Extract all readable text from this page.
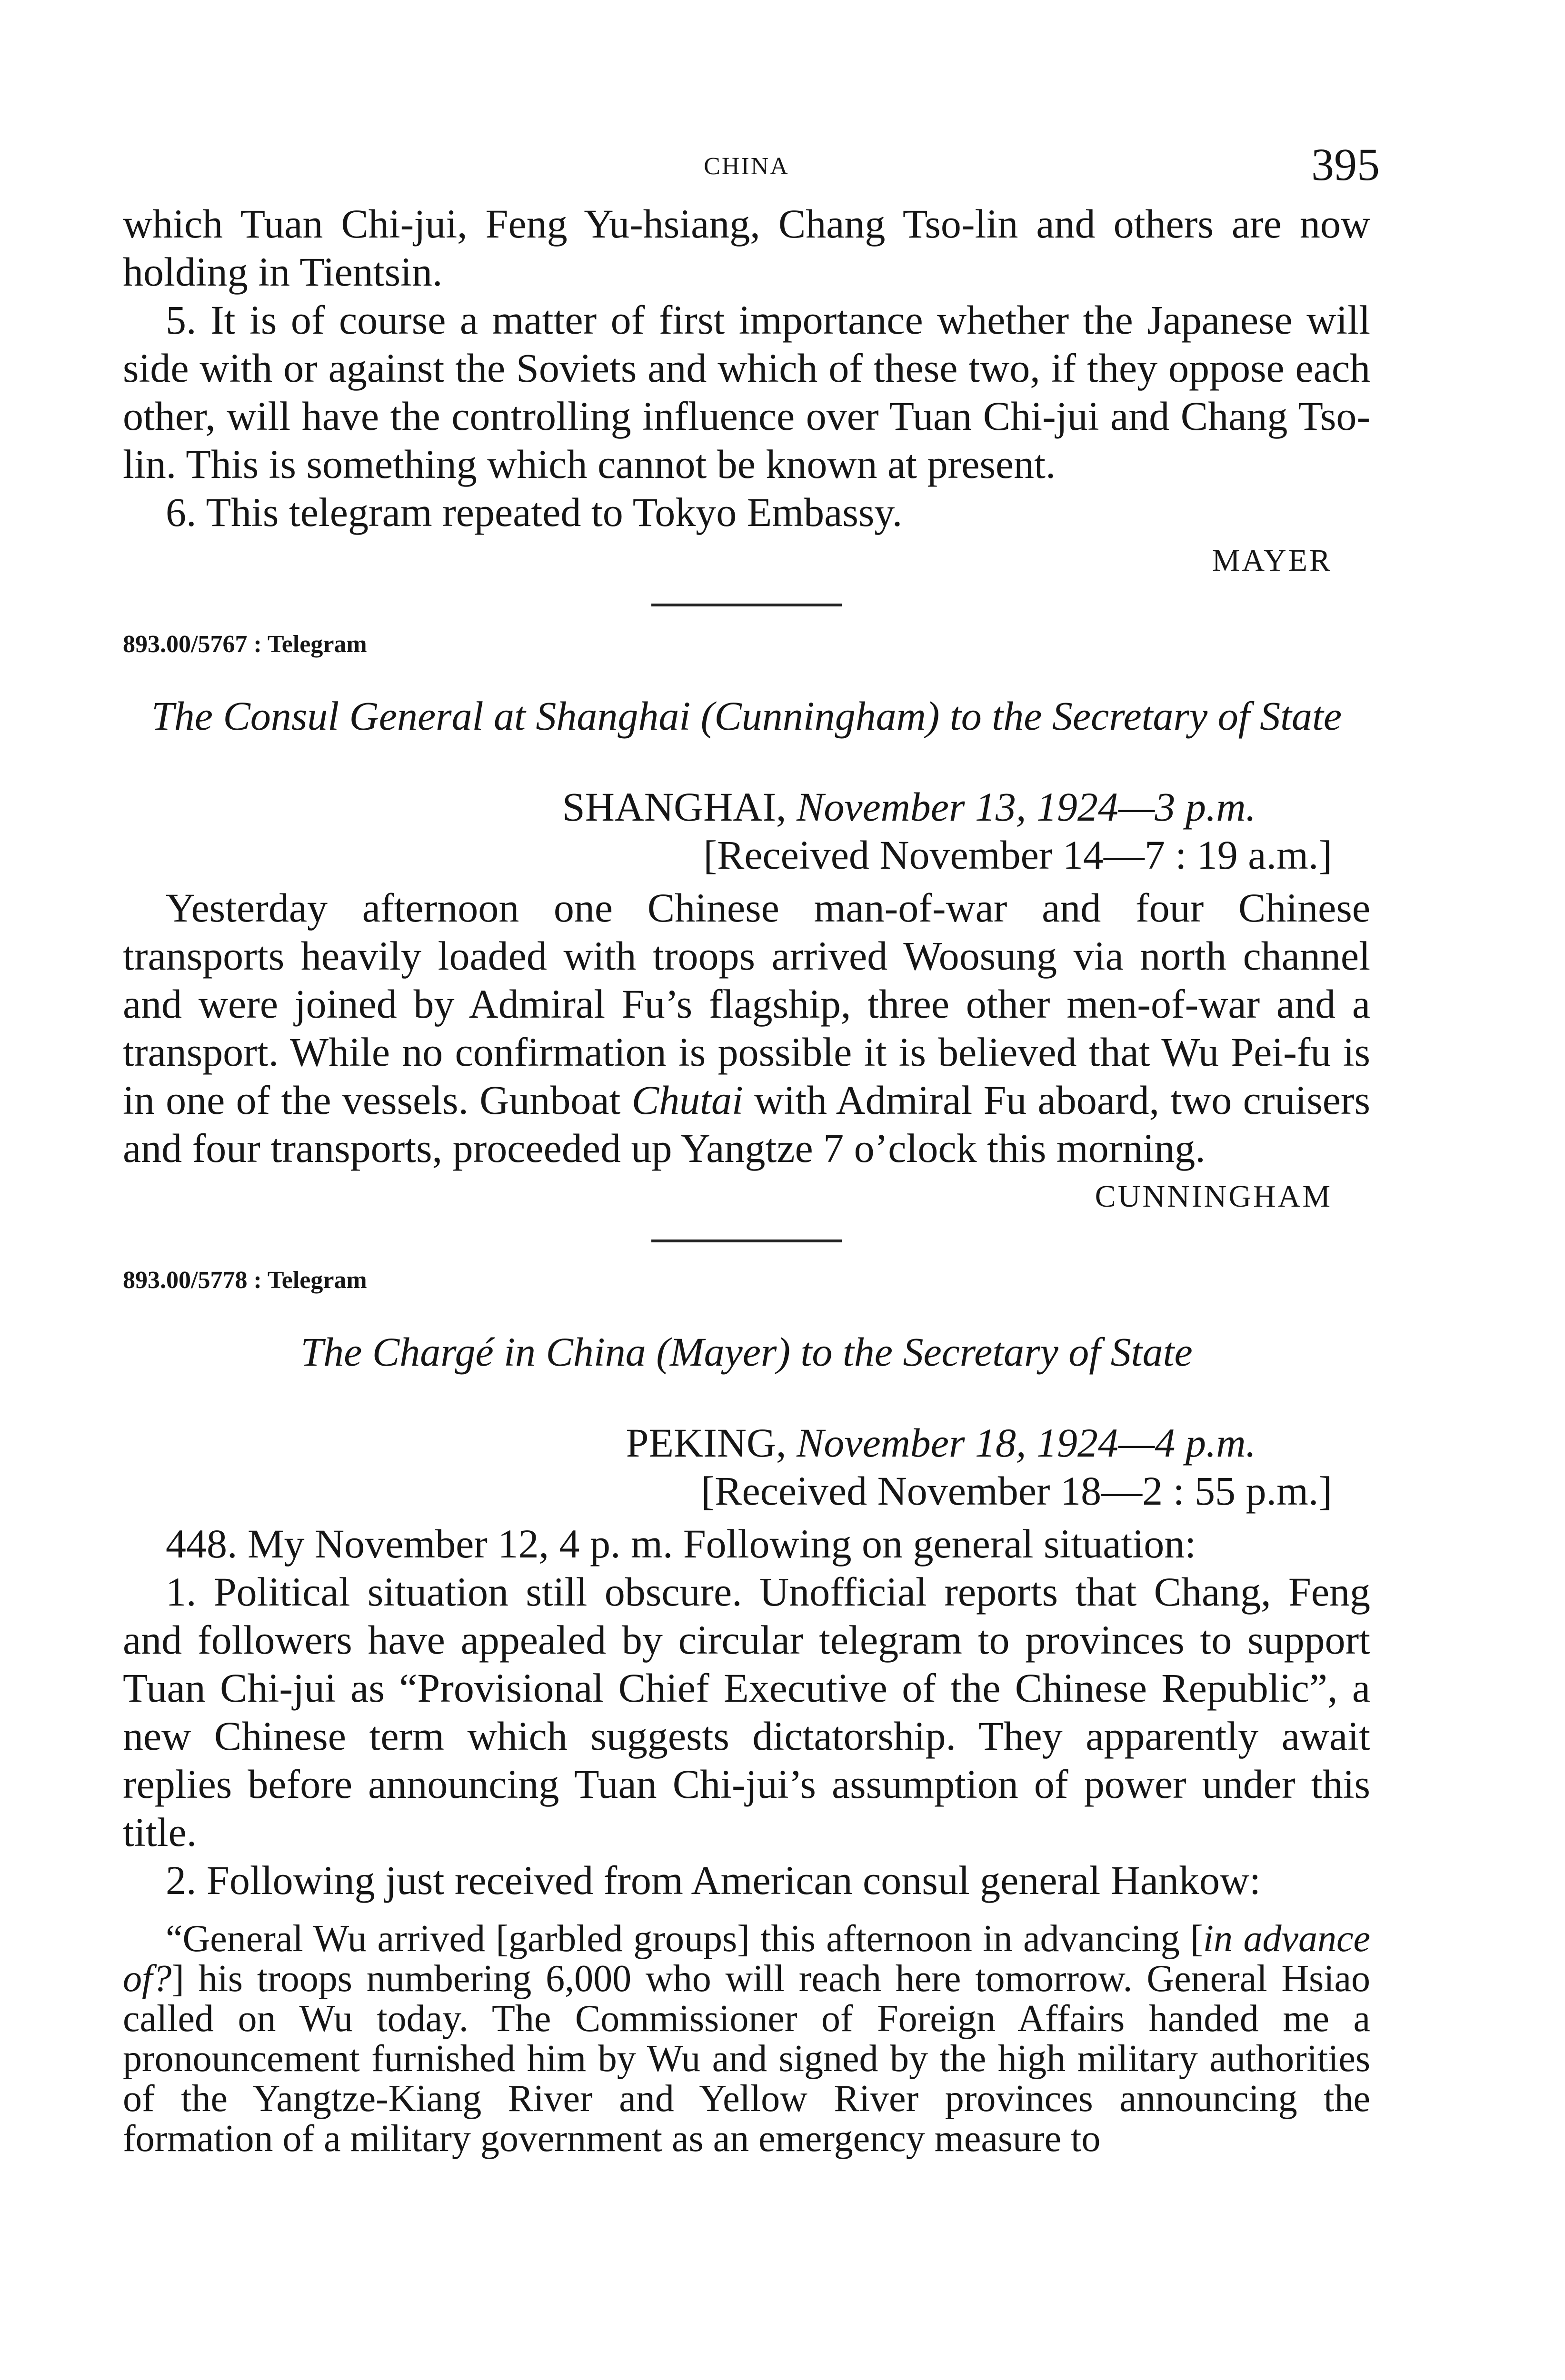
CHINA	395

which Tuan Chi-jui, Feng Yu-hsiang, Chang Tso-lin and others are now holding in Tientsin.

5. It is of course a matter of first importance whether the Japanese will side with or against the Soviets and which of these two, if they oppose each other, will have the controlling influence over Tuan Chi-jui and Chang Tso-lin. This is something which cannot be known at present.

6. This telegram repeated to Tokyo Embassy.

MAYER
893.00/5767 : Telegram
The Consul General at Shanghai (Cunningham) to the Secretary of State
SHANGHAI, November 13, 1924—3 p.m.
[Received November 14—7 : 19 a.m.]

Yesterday afternoon one Chinese man-of-war and four Chinese transports heavily loaded with troops arrived Woosung via north channel and were joined by Admiral Fu’s flagship, three other men-of-war and a transport. While no confirmation is possible it is believed that Wu Pei-fu is in one of the vessels. Gunboat Chutai with Admiral Fu aboard, two cruisers and four transports, proceeded up Yangtze 7 o’clock this morning.

CUNNINGHAM
893.00/5778 : Telegram
The Chargé in China (Mayer) to the Secretary of State
PEKING, November 18, 1924—4 p.m.
[Received November 18—2 : 55 p.m.]

448. My November 12, 4 p. m. Following on general situation:

1. Political situation still obscure. Unofficial reports that Chang, Feng and followers have appealed by circular telegram to provinces to support Tuan Chi-jui as “Provisional Chief Executive of the Chinese Republic”, a new Chinese term which suggests dictatorship. They apparently await replies before announcing Tuan Chi-jui’s assumption of power under this title.

2. Following just received from American consul general Hankow:

“General Wu arrived [garbled groups] this afternoon in advancing [in advance of?] his troops numbering 6,000 who will reach here tomorrow. General Hsiao called on Wu today. The Commissioner of Foreign Affairs handed me a pronouncement furnished him by Wu and signed by the high military authorities of the Yangtze-Kiang River and Yellow River provinces announcing the formation of a military government as an emergency measure to
